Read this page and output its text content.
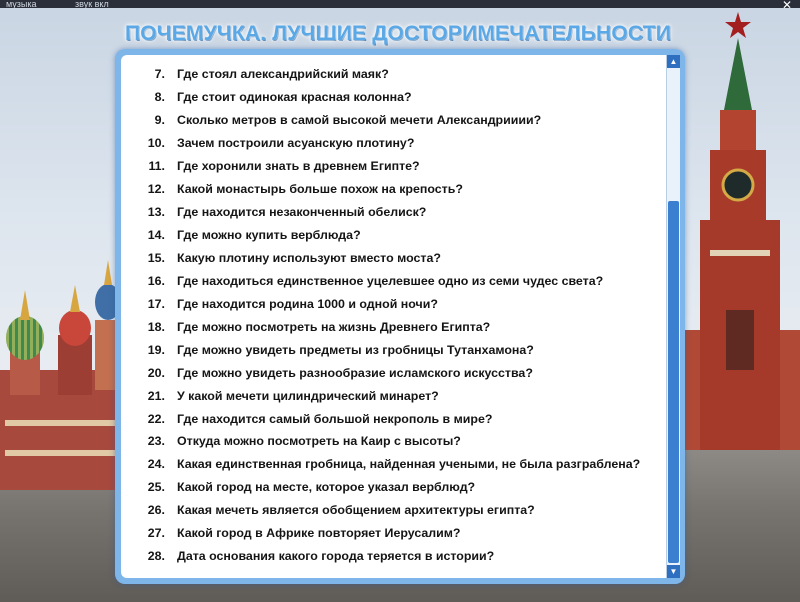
музыка	звук вкл	✕
ПОЧЕМУЧКА. ЛУЧШИЕ ДОСТОРИМЕЧАТЕЛЬНОСТИ
7. Где стоял александрийский маяк?
8. Где стоит одинокая красная колонна?
9. Сколько метров в самой высокой мечети Александрииии?
10. Зачем построили асуанскую плотину?
11. Где хоронили знать в древнем Египте?
12. Какой монастырь больше похож на крепость?
13. Где находится незаконченный обелиск?
14. Где можно купить верблюда?
15. Какую плотину используют вместо моста?
16. Где находиться единственное уцелевшее одно из семи чудес света?
17. Где находится родина 1000 и одной ночи?
18. Где можно посмотреть на жизнь Древнего Египта?
19. Где можно увидеть предметы из гробницы Тутанхамона?
20. Где можно увидеть разнообразие исламского искусства?
21. У какой мечети цилиндрический минарет?
22. Где находится самый большой некрополь в мире?
23. Откуда можно посмотреть на Каир с высоты?
24. Какая единственная гробница, найденная учеными, не была разграблена?
25. Какой город на месте, которое указал верблюд?
26. Какая мечеть является обобщением архитектуры египта?
27. Какой город в Африке повторяет Иерусалим?
28. Дата основания какого города теряется в истории?
▲
▼
